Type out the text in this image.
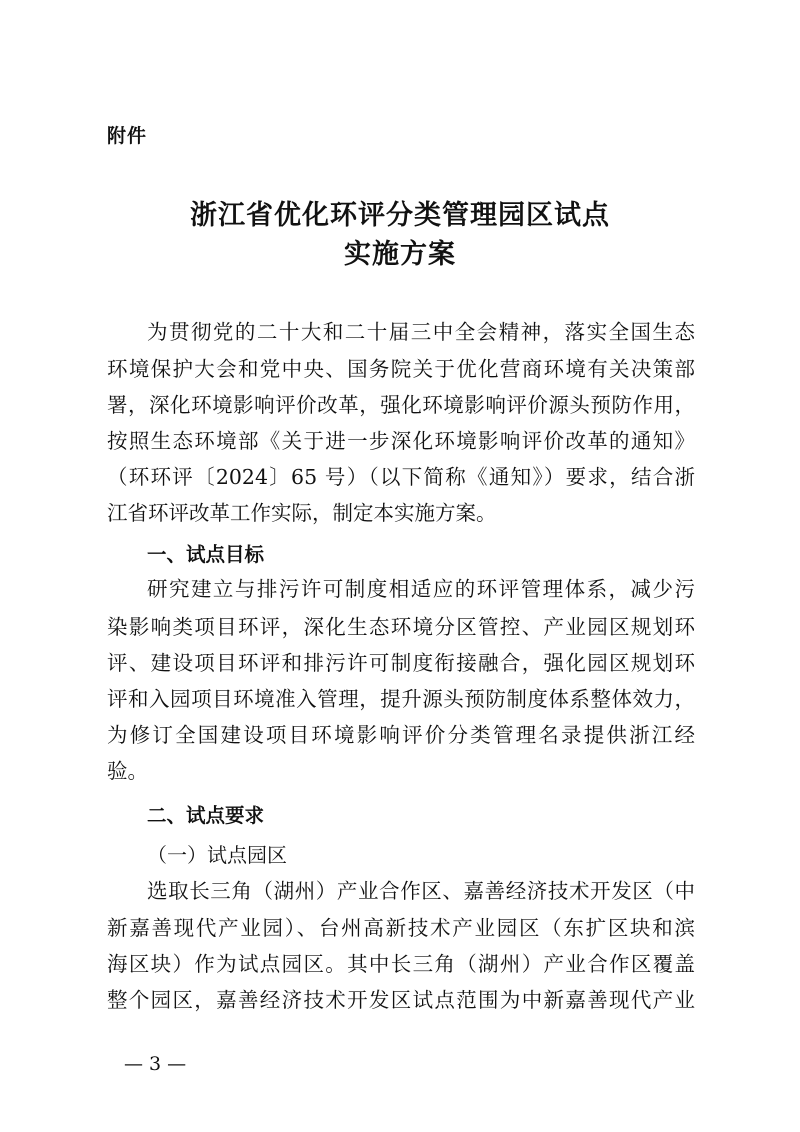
附件
浙江省优化环评分类管理园区试点
实施方案
为贯彻党的二十大和二十届三中全会精神，落实全国生态
环境保护大会和党中央、国务院关于优化营商环境有关决策部
署，深化环境影响评价改革，强化环境影响评价源头预防作用，
按照生态环境部《关于进一步深化环境影响评价改革的通知》
（环环评〔2024〕65 号）（以下简称《通知》）要求，结合浙
江省环评改革工作实际，制定本实施方案。
一、试点目标
研究建立与排污许可制度相适应的环评管理体系，减少污
染影响类项目环评，深化生态环境分区管控、产业园区规划环
评、建设项目环评和排污许可制度衔接融合，强化园区规划环
评和入园项目环境准入管理，提升源头预防制度体系整体效力，
为修订全国建设项目环境影响评价分类管理名录提供浙江经
验。
二、试点要求
（一）试点园区
选取长三角（湖州）产业合作区、嘉善经济技术开发区（中
新嘉善现代产业园）、台州高新技术产业园区（东扩区块和滨
海区块）作为试点园区。其中长三角（湖州）产业合作区覆盖
整个园区，嘉善经济技术开发区试点范围为中新嘉善现代产业
— 3 —
